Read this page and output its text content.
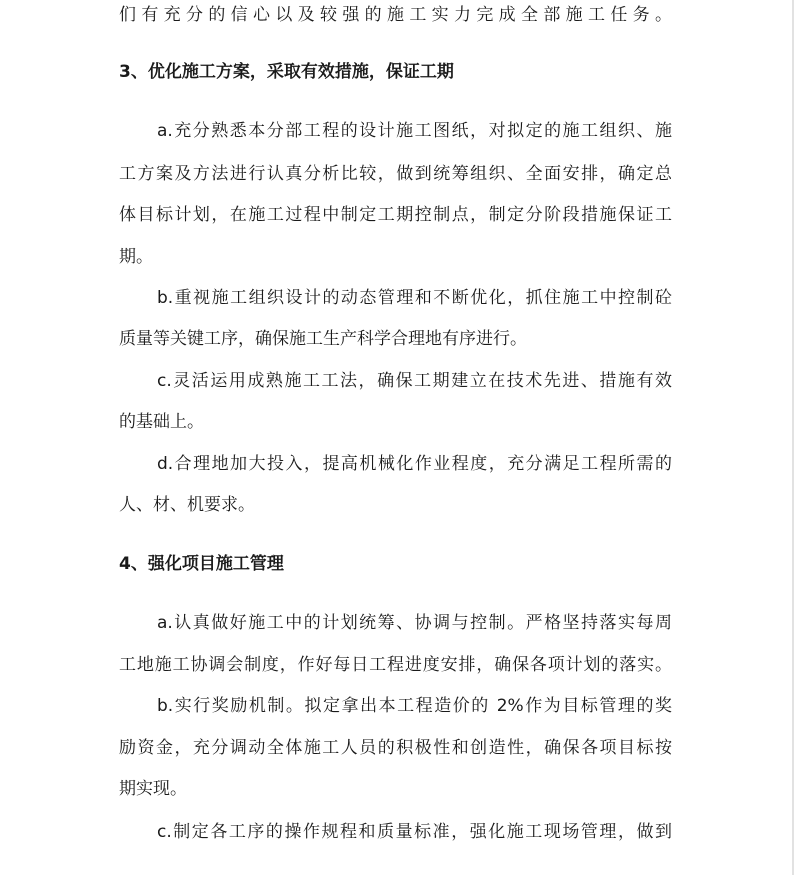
们有充分的信心以及较强的施工实力完成全部施工任务。
3、优化施工方案，采取有效措施，保证工期
a.充分熟悉本分部工程的设计施工图纸，对拟定的施工组织、施
工方案及方法进行认真分析比较，做到统筹组织、全面安排，确定总
体目标计划，在施工过程中制定工期控制点，制定分阶段措施保证工
期。
b.重视施工组织设计的动态管理和不断优化，抓住施工中控制砼
质量等关键工序，确保施工生产科学合理地有序进行。
c.灵活运用成熟施工工法，确保工期建立在技术先进、措施有效
的基础上。
d.合理地加大投入，提高机械化作业程度，充分满足工程所需的
人、材、机要求。
4、强化项目施工管理
a.认真做好施工中的计划统筹、协调与控制。严格坚持落实每周
工地施工协调会制度，作好每日工程进度安排，确保各项计划的落实。
b.实行奖励机制。拟定拿出本工程造价的 2%作为目标管理的奖
励资金，充分调动全体施工人员的积极性和创造性，确保各项目标按
期实现。
c.制定各工序的操作规程和质量标准，强化施工现场管理，做到
